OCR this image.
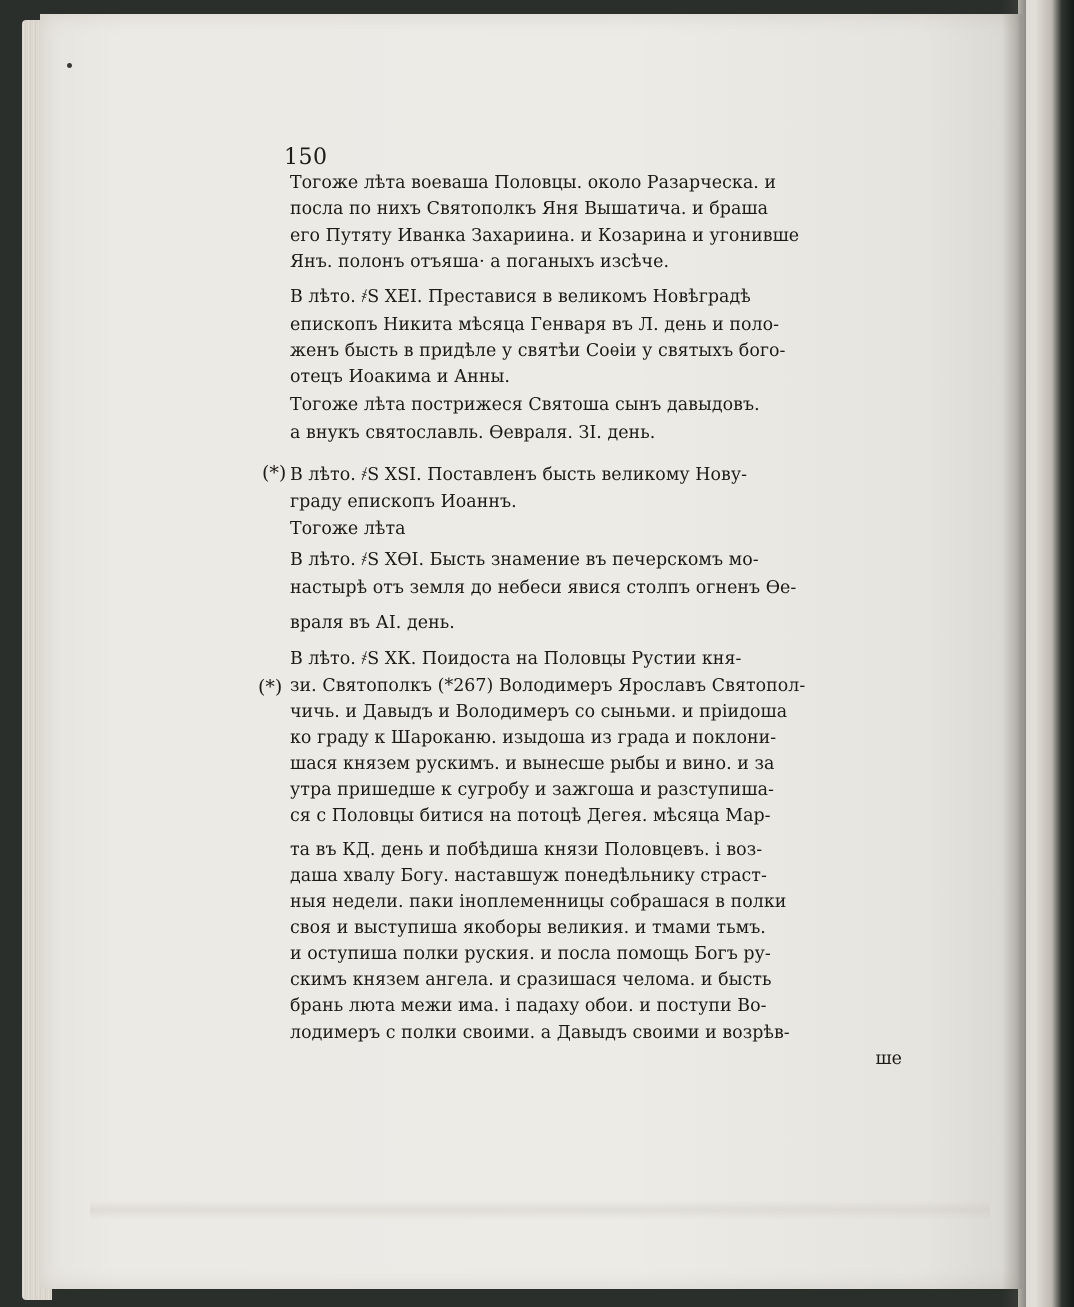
150
(*)
(*)
Тогоже лѣта воеваша Половцы. около Разарческа. и
посла по нихъ Святополкъ Яня Вышатича. и браша
его Путяту Иванка Захариина. и Козарина и угонивше
Янъ. полонъ отъяша· а поганыхъ изсѣче.
В лѣто. ҂Ѕ ХЕІ. Преставися в великомъ Новѣградѣ
епископъ Никита мѣсяца Генваря въ Л. день и поло-
женъ бысть в придѣле у святѣи Соѳіи у святыхъ бого-
отецъ Иоакима и Анны.
Тогоже лѣта пострижеся Святоша сынъ давыдовъ.
а внукъ святославль. Ѳевраля. ЗІ. день.
В лѣто. ҂Ѕ ХЅІ. Поставленъ бысть великому Нову-
граду епископъ Иоаннъ.
Тогоже лѣта
В лѣто. ҂Ѕ ХѲІ. Бысть знамение въ печерскомъ мо-
настырѣ отъ земля до небеси явися столпъ огненъ Ѳе-
враля въ АІ. день.
В лѣто. ҂Ѕ ХК. Поидоста на Половцы Рустии кня-
зи. Святополкъ (*267) Володимеръ Ярославъ Святопол-
чичь. и Давыдъ и Володимеръ со сыньми. и пріидоша
ко граду к Шароканю. изыдоша из града и поклони-
шася князем рускимъ. и вынесше рыбы и вино. и за
утра пришедше к сугробу и зажгоша и разступиша-
ся с Половцы битися на потоцѣ Дегея. мѣсяца Мар-
та въ КД. день и побѣдиша князи Половцевъ. і воз-
даша хвалу Богу. наставшуж понедѣльнику страст-
ныя недели. паки іноплеменницы собрашася в полки
своя и выступиша якоборы великия. и тмами тьмъ.
и оступиша полки руския. и посла помощь Богъ ру-
скимъ князем ангела. и сразишася челома. и бысть
брань люта межи има. і падаху обои. и поступи Во-
лодимеръ с полки своими. а Давыдъ своими и возрѣв-
ше
